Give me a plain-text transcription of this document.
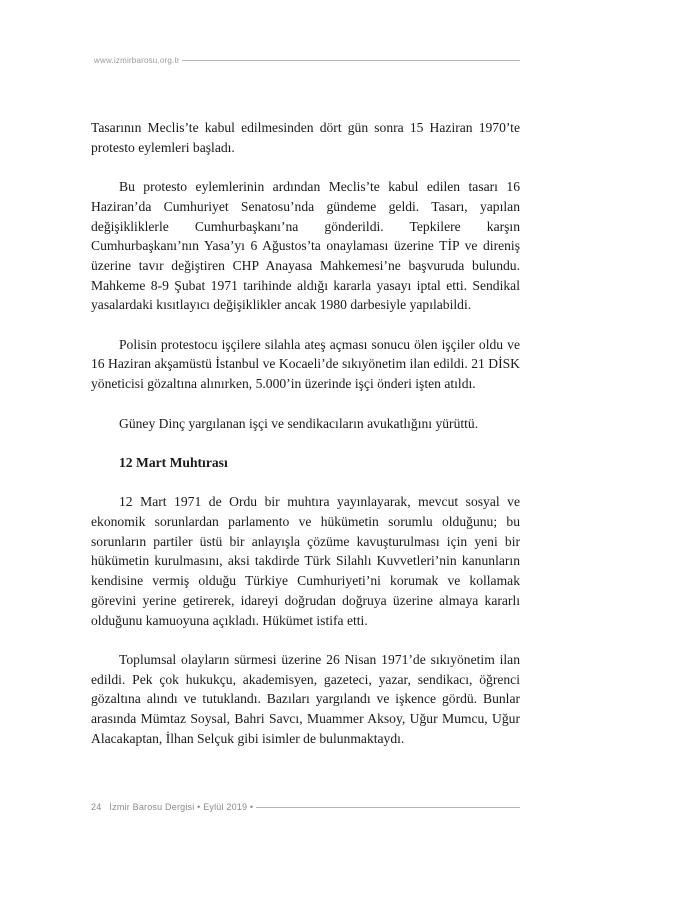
www.izmirbarosu.org.tr

Tasarının Meclis’te kabul edilmesinden dört gün sonra 15 Haziran 1970’te protesto eylemleri başladı.

Bu protesto eylemlerinin ardından Meclis’te kabul edilen tasarı 16 Haziran’da Cumhuriyet Senatosu’nda gündeme geldi. Tasarı, yapılan değişikliklerle Cumhurbaşkanı’na gönderildi. Tepkilere karşın Cumhurbaşkanı’nın Yasa’yı 6 Ağustos’ta onaylaması üzerine TİP ve direniş üzerine tavır değiştiren CHP Anayasa Mahkemesi’ne başvuruda bulundu. Mahkeme 8-9 Şubat 1971 tarihinde aldığı kararla yasayı iptal etti. Sendikal yasalardaki kısıtlayıcı değişiklikler ancak 1980 darbesiyle yapılabildi.

Polisin protestocu işçilere silahla ateş açması sonucu ölen işçiler oldu ve 16 Haziran akşamüstü İstanbul ve Kocaeli’de sıkıyönetim ilan edildi. 21 DİSK yöneticisi gözaltına alınırken, 5.000’in üzerinde işçi önderi işten atıldı.

Güney Dinç yargılanan işçi ve sendikacıların avukatlığını yürüttü.

12 Mart Muhtırası

12 Mart 1971 de Ordu bir muhtıra yayınlayarak, mevcut sosyal ve ekonomik sorunlardan parlamento ve hükümetin sorumlu olduğunu; bu sorunların partiler üstü bir anlayışla çözüme kavuşturulması için yeni bir hükümetin kurulmasını, aksi takdirde Türk Silahlı Kuvvetleri’nin kanunların kendisine vermiş olduğu Türkiye Cumhuriyeti’ni korumak ve kollamak görevini yerine getirerek, idareyi doğrudan doğruya üzerine almaya kararlı olduğunu kamuoyuna açıkladı. Hükümet istifa etti.

Toplumsal olayların sürmesi üzerine 26 Nisan 1971’de sıkıyönetim ilan edildi. Pek çok hukukçu, akademisyen, gazeteci, yazar, sendikacı, öğrenci gözaltına alındı ve tutuklandı. Bazıları yargılandı ve işkence gördü. Bunlar arasında Mümtaz Soysal, Bahri Savcı, Muammer Aksoy, Uğur Mumcu, Uğur Alacakaptan, İlhan Selçuk gibi isimler de bulunmaktaydı.

24 İzmir Barosu Dergisi • Eylül 2019 •
